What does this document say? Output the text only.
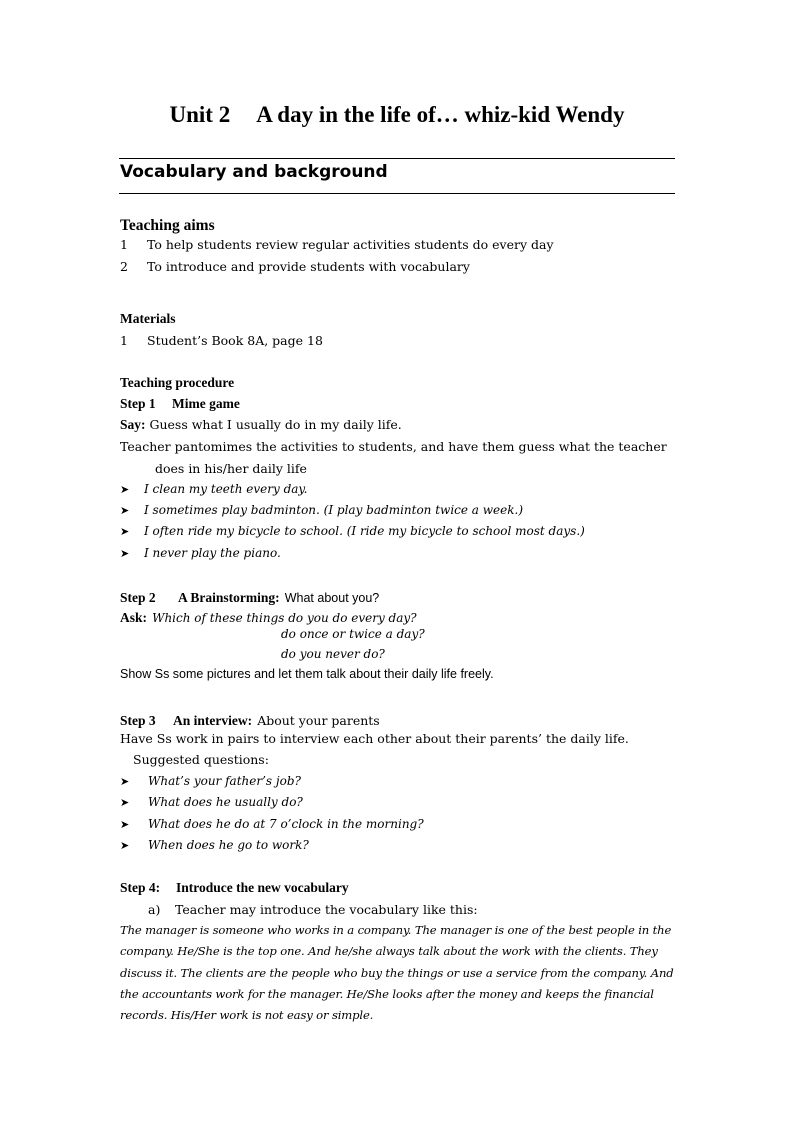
Unit 2 A day in the life of… whiz-kid Wendy
Vocabulary and background
Teaching aims
1 To help students review regular activities students do every day
2 To introduce and provide students with vocabulary
Materials
1 Student’s Book 8A, page 18
Teaching procedure
Step 1 Mime game
Say: Guess what I usually do in my daily life.
Teacher pantomimes the activities to students, and have them guess what the teacher
does in his/her daily life
➤ I clean my teeth every day.
➤ I sometimes play badminton. (I play badminton twice a week.)
➤ I often ride my bicycle to school. (I ride my bicycle to school most days.)
➤ I never play the piano.
Step 2 A Brainstorming: What about you?
Ask: Which of these things do you do every day?
do once or twice a day?
do you never do?
Show Ss some pictures and let them talk about their daily life freely.
Step 3 An interview: About your parents
Have Ss work in pairs to interview each other about their parents’ the daily life.
Suggested questions:
➤ What’s your father’s job?
➤ What does he usually do?
➤ What does he do at 7 o’clock in the morning?
➤ When does he go to work?
Step 4: Introduce the new vocabulary
a) Teacher may introduce the vocabulary like this:
The manager is someone who works in a company. The manager is one of the best people in the company. He/She is the top one. And he/she always talk about the work with the clients. They discuss it. The clients are the people who buy the things or use a service from the company. And the accountants work for the manager. He/She looks after the money and keeps the financial records. His/Her work is not easy or simple.
